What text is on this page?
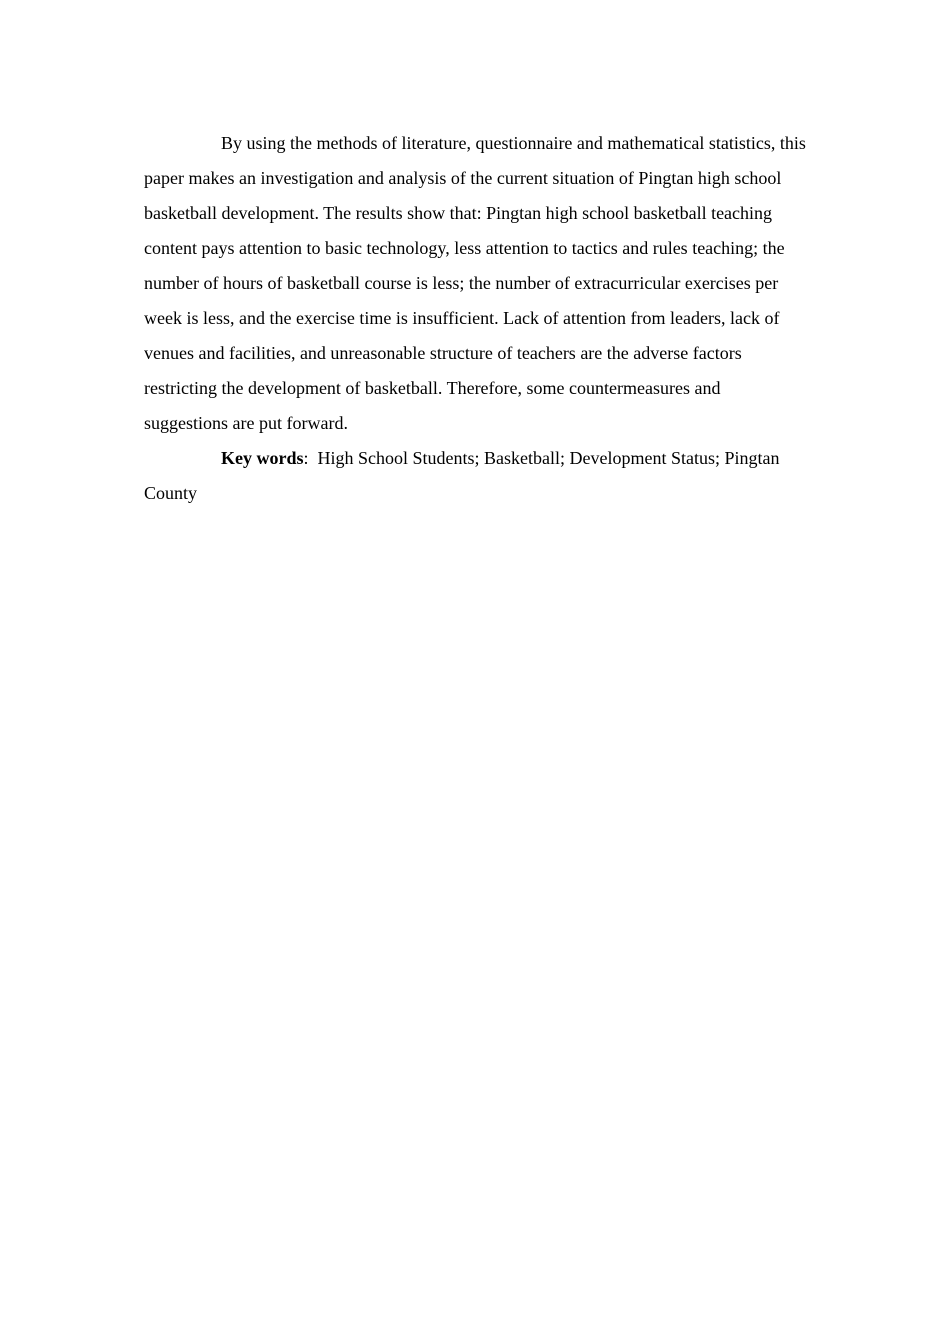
By using the methods of literature, questionnaire and mathematical statistics, this paper makes an investigation and analysis of the current situation of Pingtan high school basketball development. The results show that: Pingtan high school basketball teaching content pays attention to basic technology, less attention to tactics and rules teaching; the number of hours of basketball course is less; the number of extracurricular exercises per week is less, and the exercise time is insufficient. Lack of attention from leaders, lack of venues and facilities, and unreasonable structure of teachers are the adverse factors restricting the development of basketball. Therefore, some countermeasures and suggestions are put forward.

Key words:  High School Students; Basketball; Development Status; Pingtan County
